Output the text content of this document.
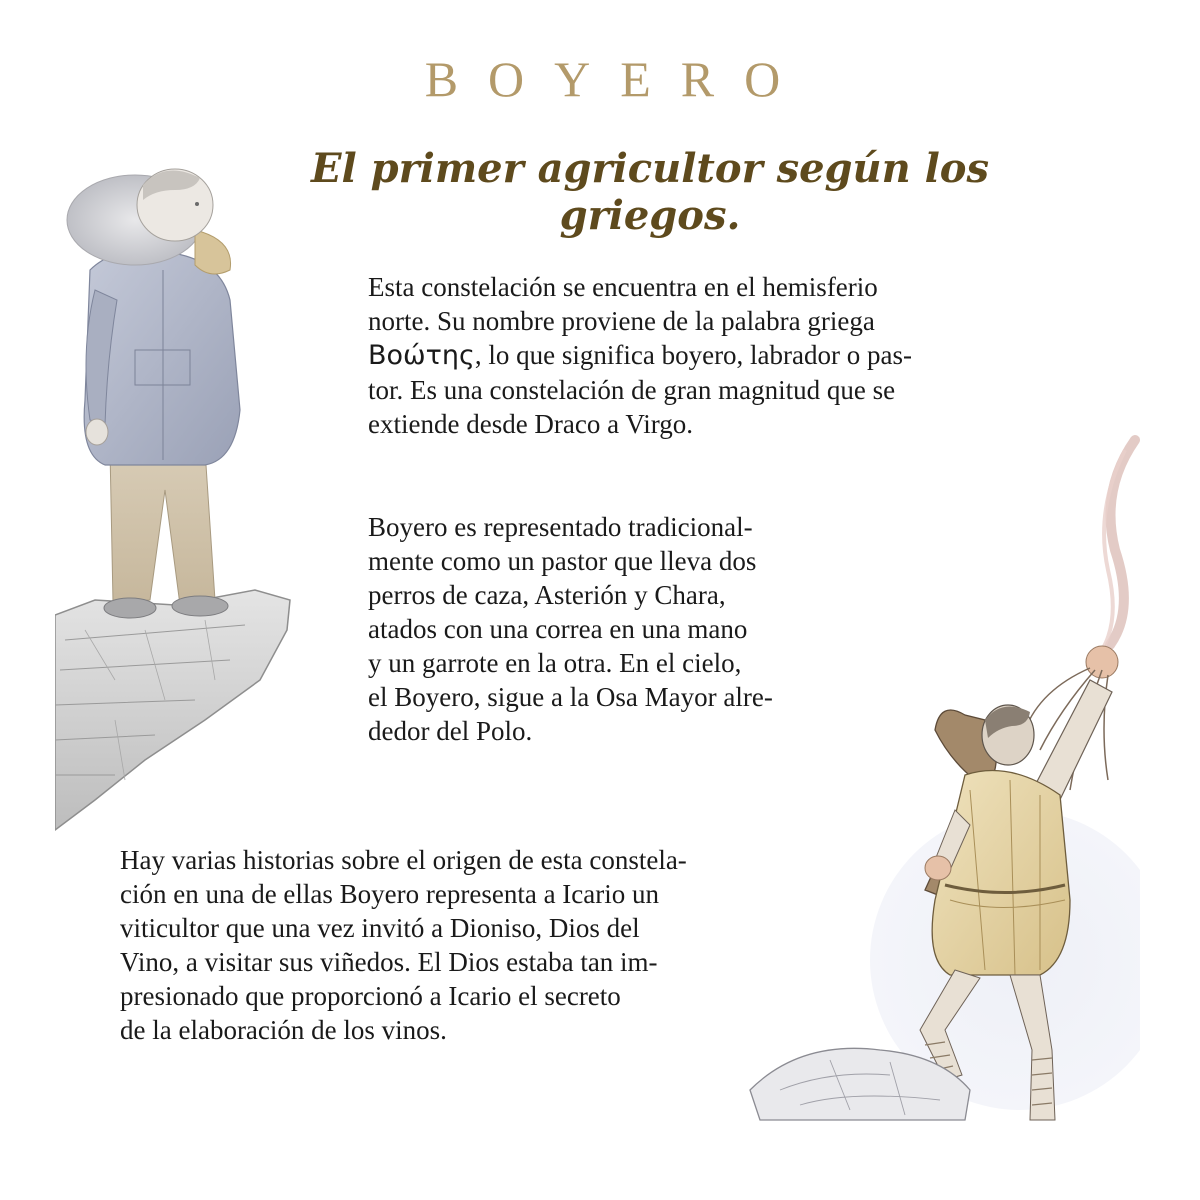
BOYERO
El primer agricultor según los griegos.
Esta constelación se encuentra en el hemisferio
norte. Su nombre proviene de la palabra griega
Βοώτης, lo que significa boyero, labrador o pas-
tor. Es una constelación de gran magnitud que se
extiende desde Draco a Virgo.
Boyero es representado tradicional-
mente como un pastor que lleva dos
perros de caza, Asterión y Chara,
atados con una correa en una mano
y un garrote en la otra. En el cielo,
el Boyero, sigue a la Osa Mayor alre-
dedor del Polo.
Hay varias historias sobre el origen de esta constela-
ción en una de ellas Boyero representa a Icario un
viticultor que una vez invitó a Dioniso, Dios del
Vino, a visitar sus viñedos. El Dios estaba tan im-
presionado que proporcionó a Icario el secreto
de la elaboración de los vinos.
